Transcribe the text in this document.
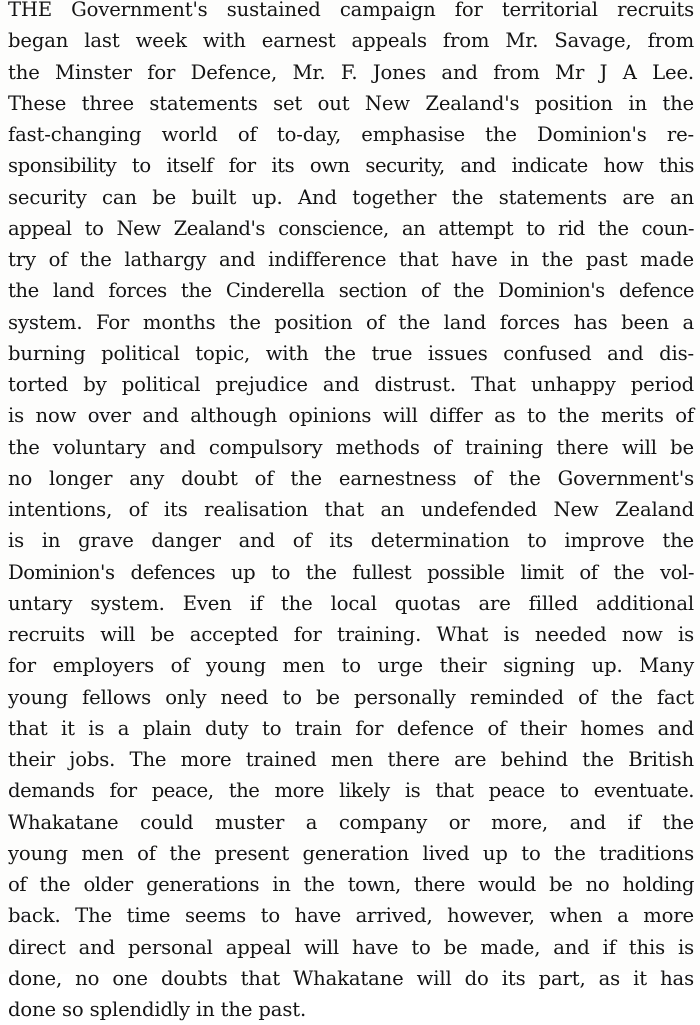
THE Government's sustained campaign for territorial recruits
began last week with earnest appeals from Mr. Savage, from
the Minster for Defence, Mr. F. Jones and from Mr J A Lee.
These three statements set out New Zealand's position in the
fast-changing world of to-day, emphasise the Dominion's re-
sponsibility to itself for its own security, and indicate how this
security can be built up. And together the statements are an
appeal to New Zealand's conscience, an attempt to rid the coun-
try of the lathargy and indifference that have in the past made
the land forces the Cinderella section of the Dominion's defence
system. For months the position of the land forces has been a
burning political topic, with the true issues confused and dis-
torted by political prejudice and distrust. That unhappy period
is now over and although opinions will differ as to the merits of
the voluntary and compulsory methods of training there will be
no longer any doubt of the earnestness of the Government's
intentions, of its realisation that an undefended New Zealand
is in grave danger and of its determination to improve the
Dominion's defences up to the fullest possible limit of the vol-
untary system. Even if the local quotas are filled additional
recruits will be accepted for training. What is needed now is
for employers of young men to urge their signing up. Many
young fellows only need to be personally reminded of the fact
that it is a plain duty to train for defence of their homes and
their jobs. The more trained men there are behind the British
demands for peace, the more likely is that peace to eventuate.
Whakatane could muster a company or more, and if the
young men of the present generation lived up to the traditions
of the older generations in the town, there would be no holding
back. The time seems to have arrived, however, when a more
direct and personal appeal will have to be made, and if this is
done, no one doubts that Whakatane will do its part, as it has
done so splendidly in the past.
